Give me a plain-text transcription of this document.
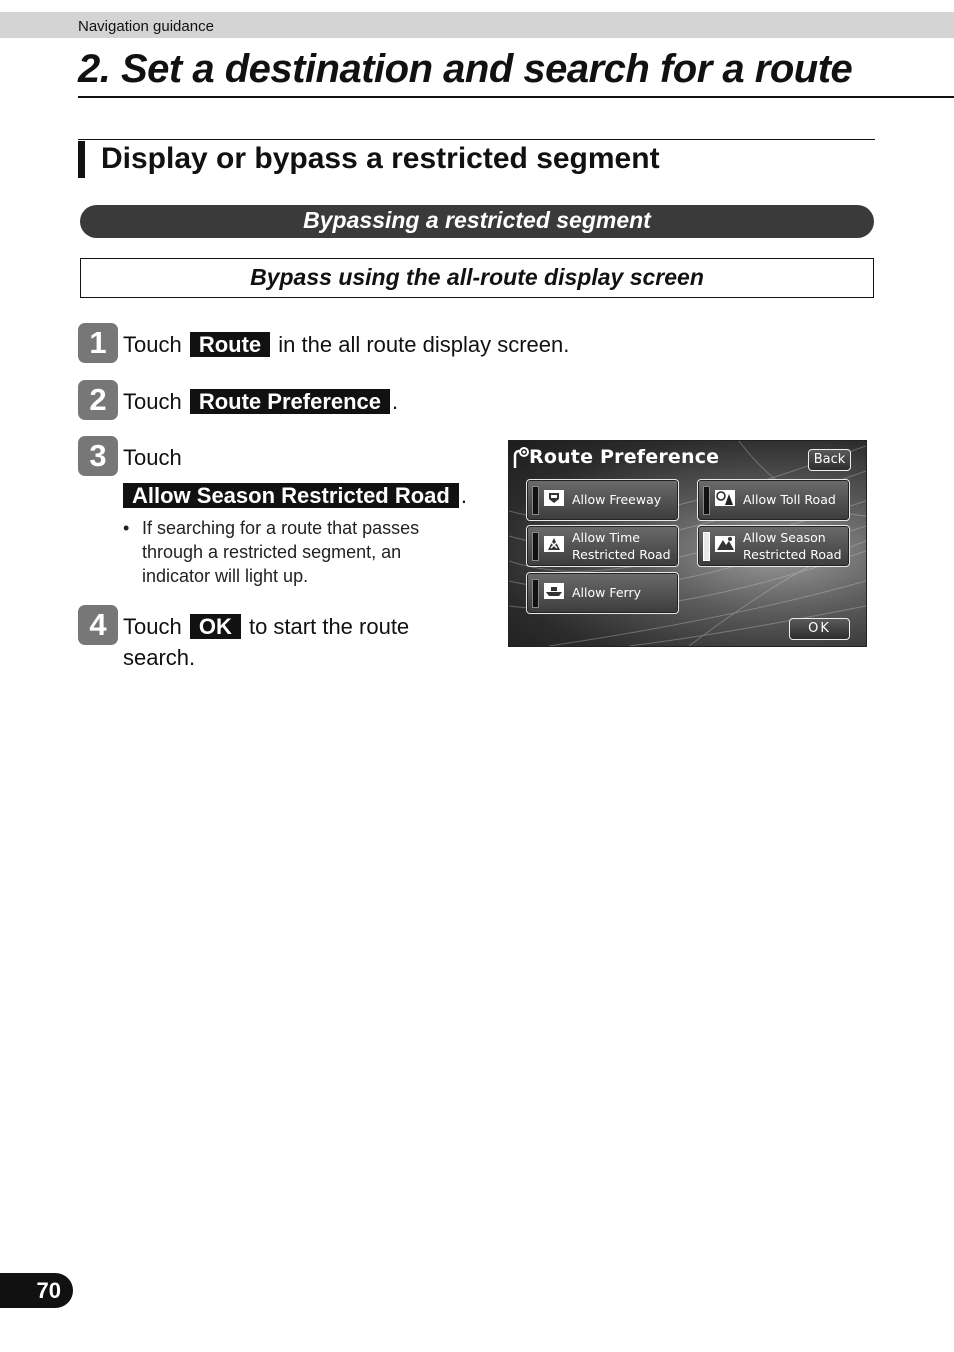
Navigation guidance
2. Set a destination and search for a route
Display or bypass a restricted segment
Bypassing a restricted segment
Bypass using the all-route display screen
1 Touch Route in the all route display screen.
2 Touch Route Preference .
3 Touch
Allow Season Restricted Road .
• If searching for a route that passes through a restricted segment, an indicator will light up.
4 Touch OK to start the route
search.
Route Preference	Back
Allow Freeway	Allow Toll Road
Allow Time
Restricted Road
Allow Season
Restricted Road
Allow Ferry
OK
70
